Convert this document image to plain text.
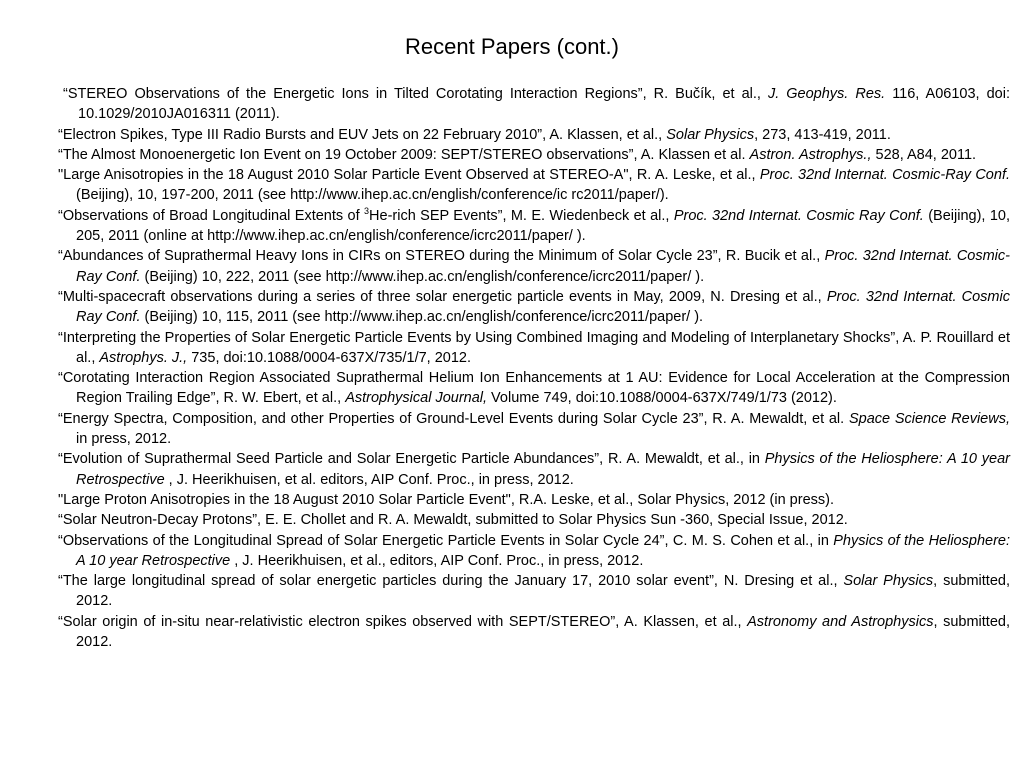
Recent Papers (cont.)
“STEREO Observations of the Energetic Ions in Tilted Corotating Interaction Regions”, R. Bučík, et al., J. Geophys. Res. 116, A06103, doi: 10.1029/2010JA016311 (2011).
“Electron Spikes, Type III Radio Bursts and EUV Jets on 22 February 2010”, A. Klassen, et al., Solar Physics, 273, 413-419, 2011.
“The Almost Monoenergetic Ion Event on 19 October 2009: SEPT/STEREO observations”, A. Klassen et al. Astron. Astrophys., 528, A84, 2011.
"Large Anisotropies in the 18 August 2010 Solar Particle Event Observed at STEREO-A", R. A. Leske, et al., Proc. 32nd Internat. Cosmic-Ray Conf. (Beijing), 10, 197-200, 2011 (see http://www.ihep.ac.cn/english/conference/ic rc2011/paper/).
“Observations of Broad Longitudinal Extents of $^3$He-rich SEP Events”, M. E. Wiedenbeck et al., Proc. 32nd Internat. Cosmic Ray Conf. (Beijing), 10, 205, 2011 (online at http://www.ihep.ac.cn/english/conference/icrc2011/paper/ ).
“Abundances of Suprathermal Heavy Ions in CIRs on STEREO during the Minimum of Solar Cycle 23”, R. Bucik et al., Proc. 32nd Internat. Cosmic-Ray Conf. (Beijing) 10, 222, 2011 (see http://www.ihep.ac.cn/english/conference/icrc2011/paper/ ).
“Multi-spacecraft observations during a series of three solar energetic particle events in May, 2009, N. Dresing et al., Proc. 32nd Internat. Cosmic Ray Conf. (Beijing) 10, 115, 2011 (see http://www.ihep.ac.cn/english/conference/icrc2011/paper/ ).
“Interpreting the Properties of Solar Energetic Particle Events by Using Combined Imaging and Modeling of Interplanetary Shocks”, A. P. Rouillard et al., Astrophys. J., 735, doi:10.1088/0004-637X/735/1/7, 2012.
“Corotating Interaction Region Associated Suprathermal Helium Ion Enhancements at 1 AU: Evidence for Local Acceleration at the Compression Region Trailing Edge”, R. W. Ebert, et al., Astrophysical Journal, Volume 749, doi:10.1088/0004-637X/749/1/73 (2012).
“Energy Spectra, Composition, and other Properties of Ground-Level Events during Solar Cycle 23”, R. A. Mewaldt, et al. Space Science Reviews, in press, 2012.
“Evolution of Suprathermal Seed Particle and Solar Energetic Particle Abundances”, R. A. Mewaldt, et al., in Physics of the Heliosphere: A 10 year Retrospective , J. Heerikhuisen, et al. editors, AIP Conf. Proc., in press, 2012.
"Large Proton Anisotropies in the 18 August 2010 Solar Particle Event", R.A. Leske, et al., Solar Physics, 2012 (in press).
“Solar Neutron-Decay Protons”, E. E. Chollet and R. A. Mewaldt, submitted to Solar Physics Sun -360, Special Issue, 2012.
“Observations of the Longitudinal Spread of Solar Energetic Particle Events in Solar Cycle 24”, C. M. S. Cohen et al., in Physics of the Heliosphere: A 10 year Retrospective , J. Heerikhuisen, et al., editors, AIP Conf. Proc., in press, 2012.
“The large longitudinal spread of solar energetic particles during the January 17, 2010 solar event”, N. Dresing et al., Solar Physics, submitted, 2012.
“Solar origin of in-situ near-relativistic electron spikes observed with SEPT/STEREO”, A. Klassen, et al., Astronomy and Astrophysics, submitted, 2012.
